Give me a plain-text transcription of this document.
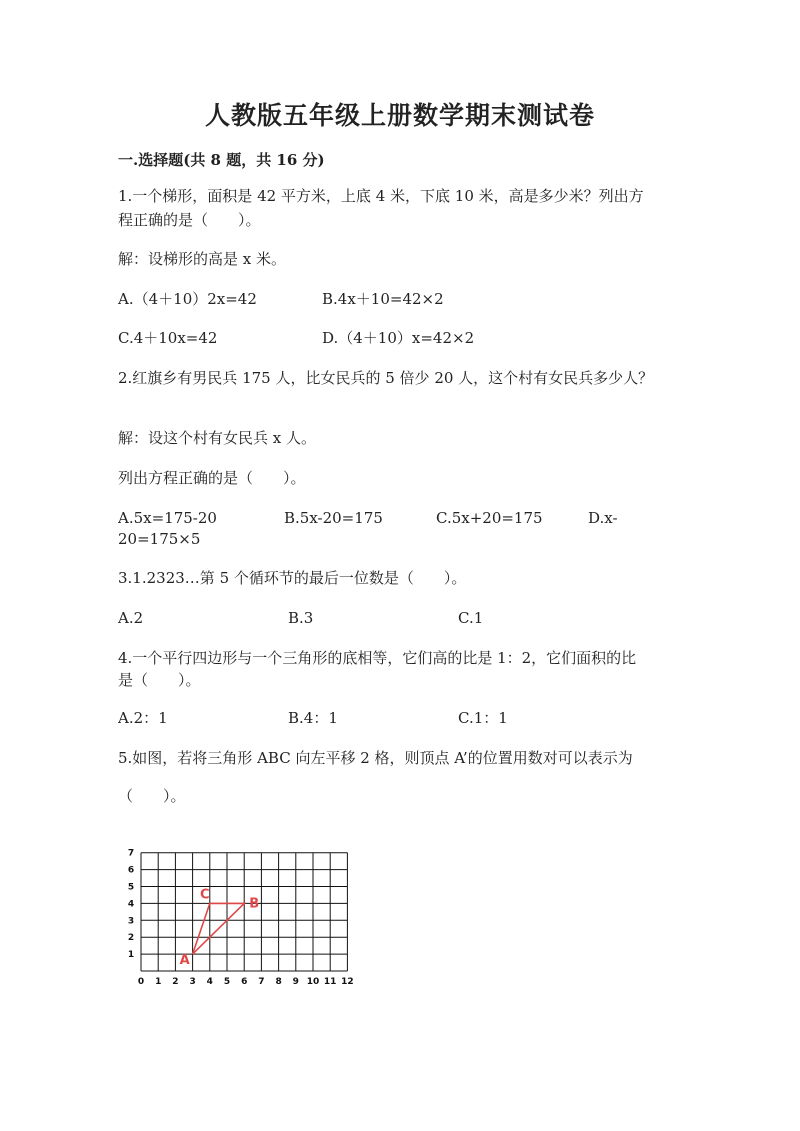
人教版五年级上册数学期末测试卷
一.选择题(共 8 题，共 16 分)
1.一个梯形，面积是 42 平方米，上底 4 米，下底 10 米，高是多少米？列出方
程正确的是（　　）。
解：设梯形的高是 x 米。
A.（4＋10）2x=42	B.4x＋10=42×2
C.4＋10x=42	D.（4＋10）x=42×2
2.红旗乡有男民兵 175 人，比女民兵的 5 倍少 20 人，这个村有女民兵多少人？
解：设这个村有女民兵 x 人。
列出方程正确的是（　　）。
A.5x=175-20	B.5x-20=175	C.5x+20=175	D.x-
20=175×5
3.1.2323…第 5 个循环节的最后一位数是（　　）。
A.2	B.3	C.1
4.一个平行四边形与一个三角形的底相等，它们高的比是 1：2，它们面积的比
是（　　）。
A.2：1	B.4：1	C.1：1
5.如图，若将三角形 ABC 向左平移 2 格，则顶点 A’的位置用数对可以表示为
（　　）。
0 1 2 3 4 5 6 7 8 9 10 11 12
1
2
3
4
5
6
7
A
B
C
